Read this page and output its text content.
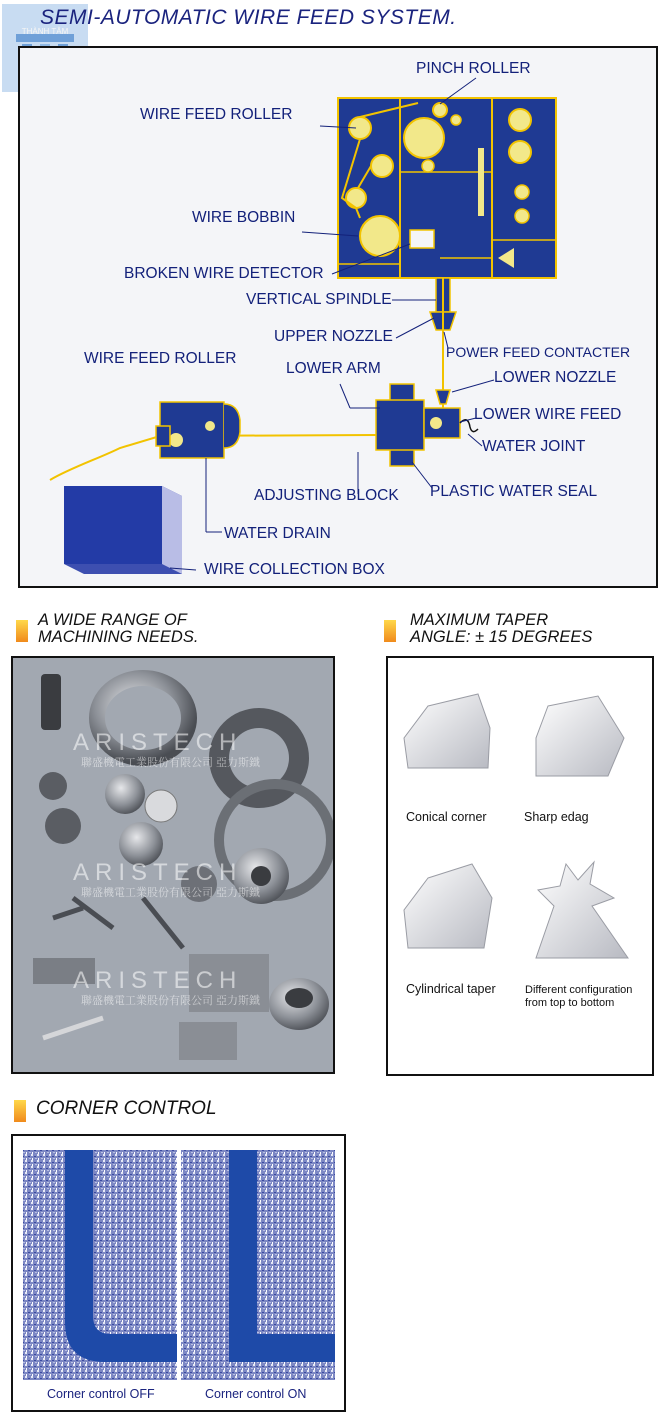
THÀNH TÂM
SEMI-AUTOMATIC WIRE FEED SYSTEM.
PINCH ROLLER
WIRE FEED ROLLER
WIRE BOBBIN
BROKEN WIRE DETECTOR
VERTICAL SPINDLE
UPPER NOZZLE
POWER FEED CONTACTER
WIRE FEED ROLLER
LOWER ARM
LOWER NOZZLE
LOWER WIRE FEED
WATER JOINT
ADJUSTING BLOCK PLASTIC WATER SEAL
WATER DRAIN
WIRE COLLECTION BOX
A WIDE RANGE OF
MACHINING NEEDS.
MAXIMUM TAPER
ANGLE: ± 15 DEGREES
ARISTECH
聯盛機電工業股份有限公司 亞力斯鐵
ARISTECH
聯盛機電工業股份有限公司 亞力斯鐵
ARISTECH
聯盛機電工業股份有限公司 亞力斯鐵
Conical corner	Sharp edag
Cylindrical taper	Different configuration
from top to bottom
CORNER CONTROL
Corner control OFF	Corner control ON
